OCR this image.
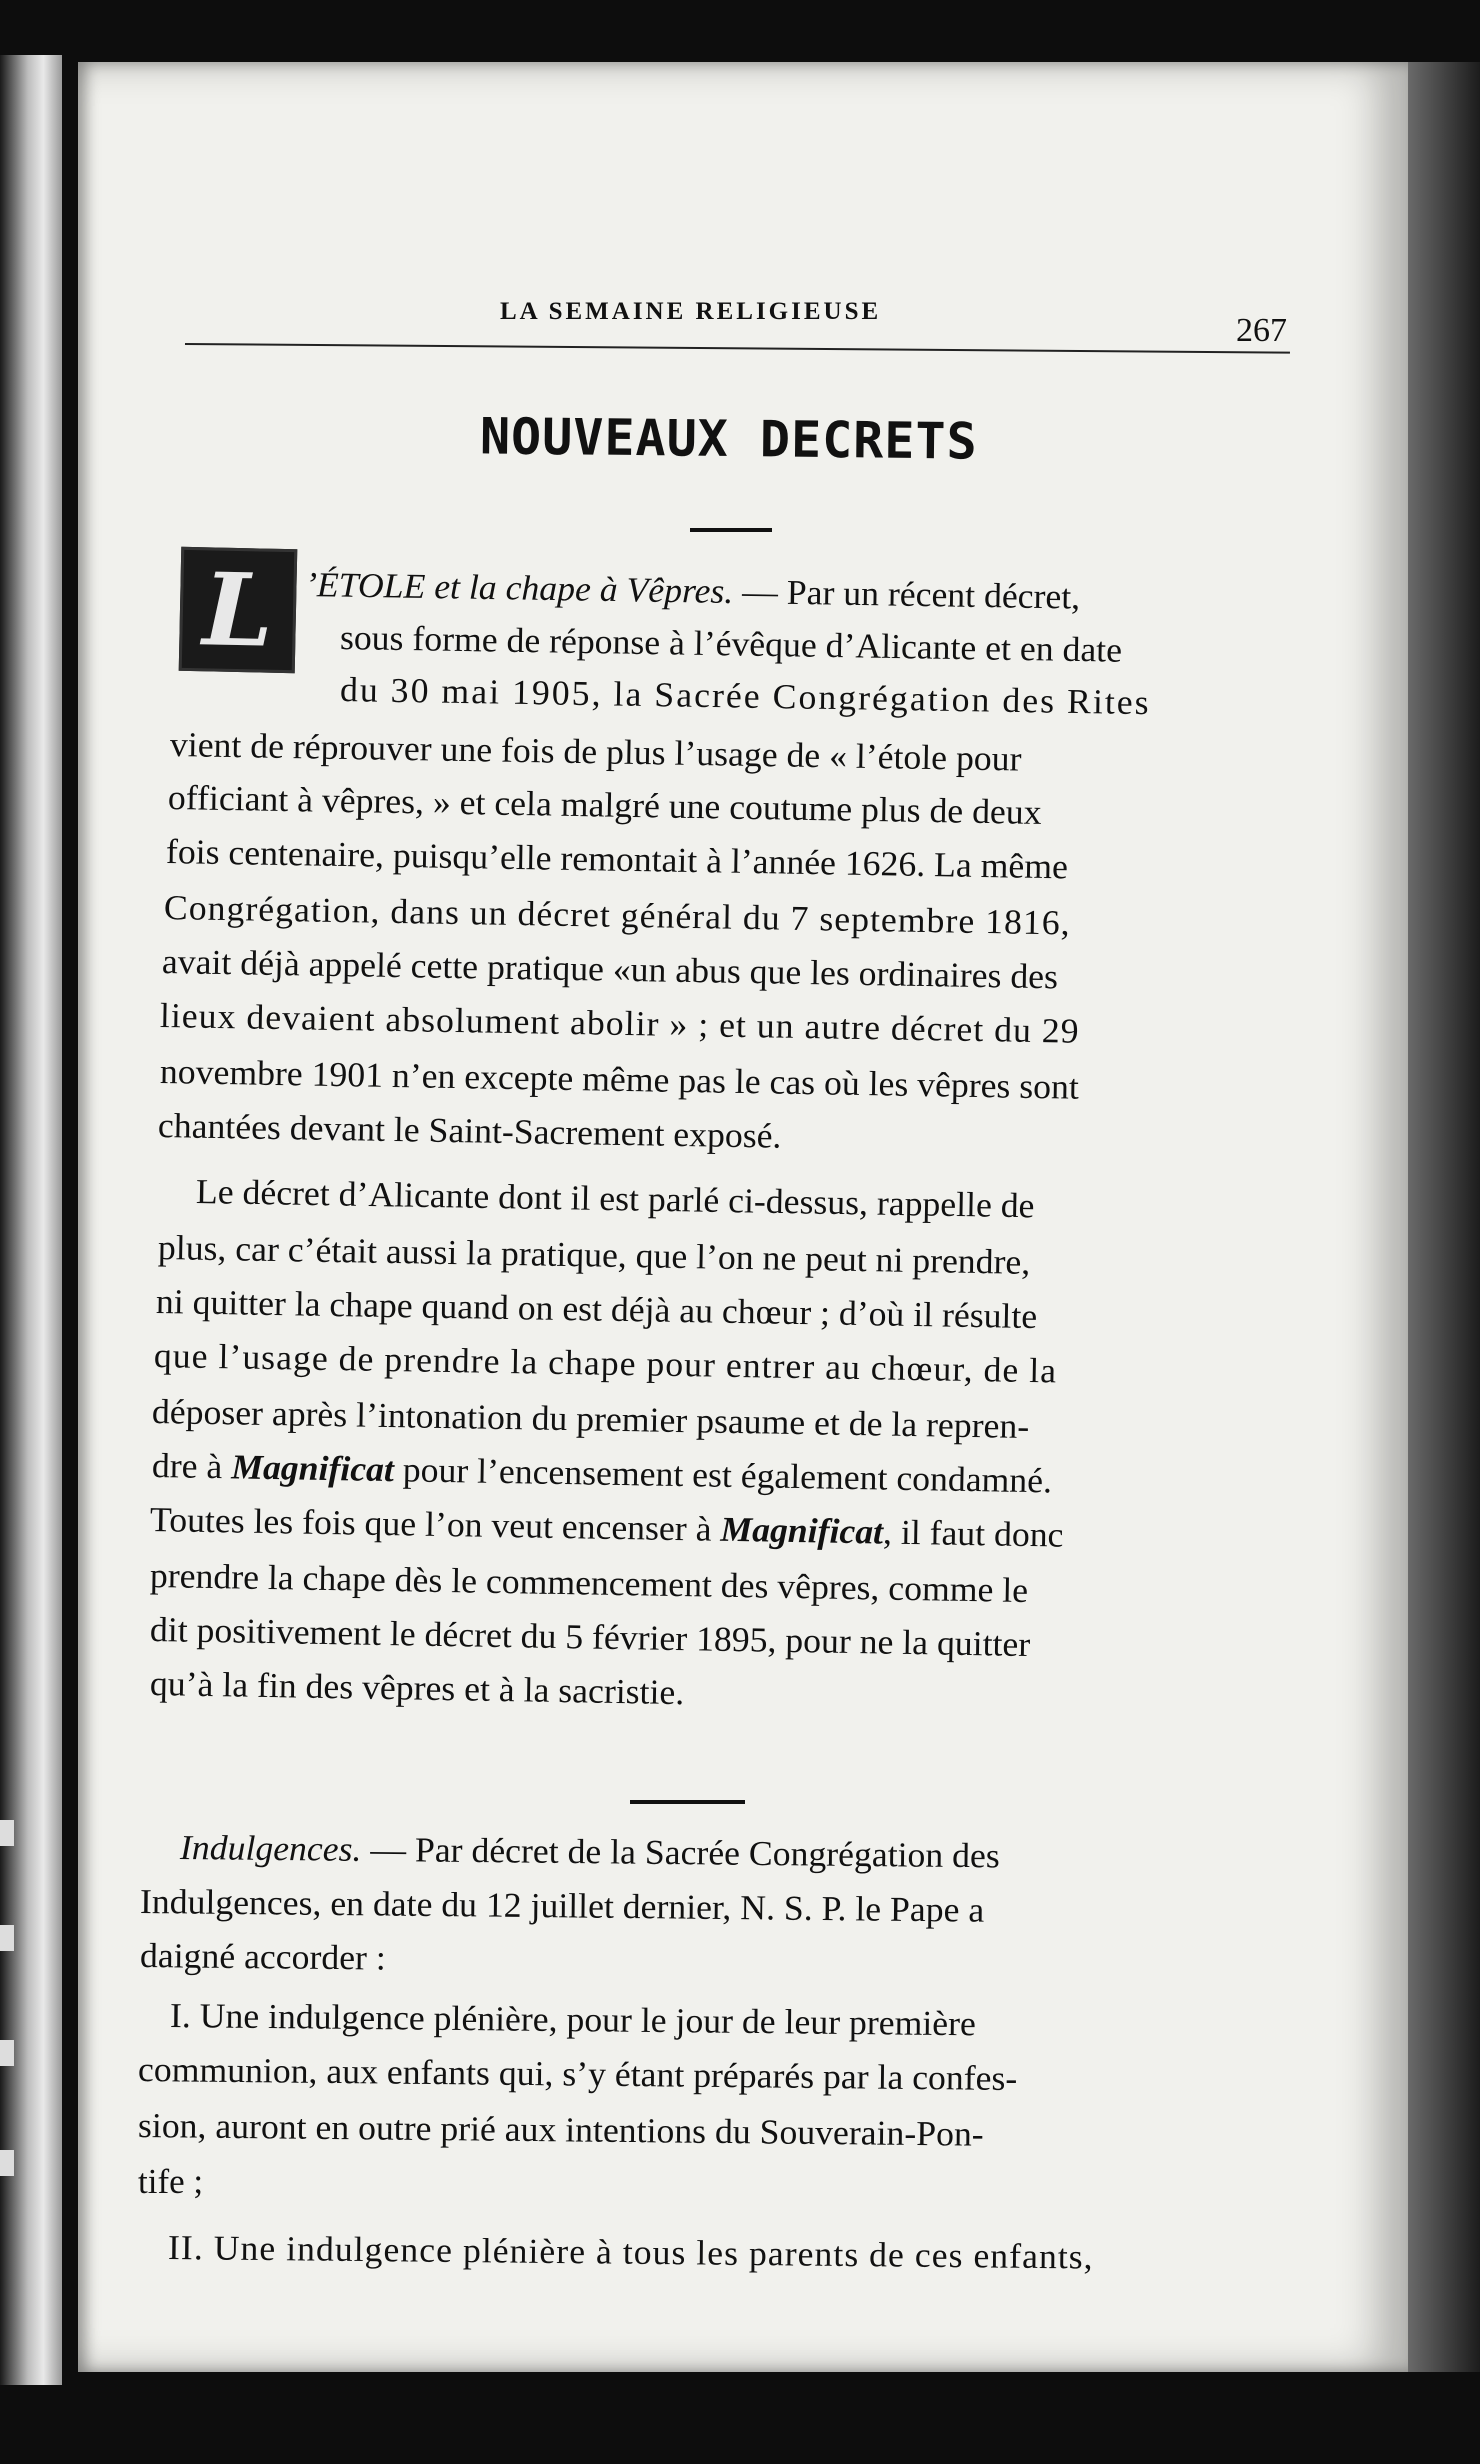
LA SEMAINE RELIGIEUSE
267
NOUVEAUX DECRETS
L ’ÉTOLE et la chape à Vêpres. — Par un récent décret,
sous forme de réponse à l’évêque d’Alicante et en date
du 30 mai 1905, la Sacrée Congrégation des Rites
vient de réprouver une fois de plus l’usage de « l’étole pour
officiant à vêpres, » et cela malgré une coutume plus de deux
fois centenaire, puisqu’elle remontait à l’année 1626. La même
Congrégation, dans un décret général du 7 septembre 1816,
avait déjà appelé cette pratique «un abus que les ordinaires des
lieux devaient absolument abolir » ; et un autre décret du 29
novembre 1901 n’en excepte même pas le cas où les vêpres sont
chantées devant le Saint-Sacrement exposé.
Le décret d’Alicante dont il est parlé ci-dessus, rappelle de
plus, car c’était aussi la pratique, que l’on ne peut ni prendre,
ni quitter la chape quand on est déjà au chœur ; d’où il résulte
que l’usage de prendre la chape pour entrer au chœur, de la
déposer après l’intonation du premier psaume et de la repren-
dre à Magnificat pour l’encensement est également condamné.
Toutes les fois que l’on veut encenser à Magnificat, il faut donc
prendre la chape dès le commencement des vêpres, comme le
dit positivement le décret du 5 février 1895, pour ne la quitter
qu’à la fin des vêpres et à la sacristie.
Indulgences. — Par décret de la Sacrée Congrégation des
Indulgences, en date du 12 juillet dernier, N. S. P. le Pape a
daigné accorder :
I. Une indulgence plénière, pour le jour de leur première
communion, aux enfants qui, s’y étant préparés par la confes-
sion, auront en outre prié aux intentions du Souverain-Pon-
tife ;
II. Une indulgence plénière à tous les parents de ces enfants,
